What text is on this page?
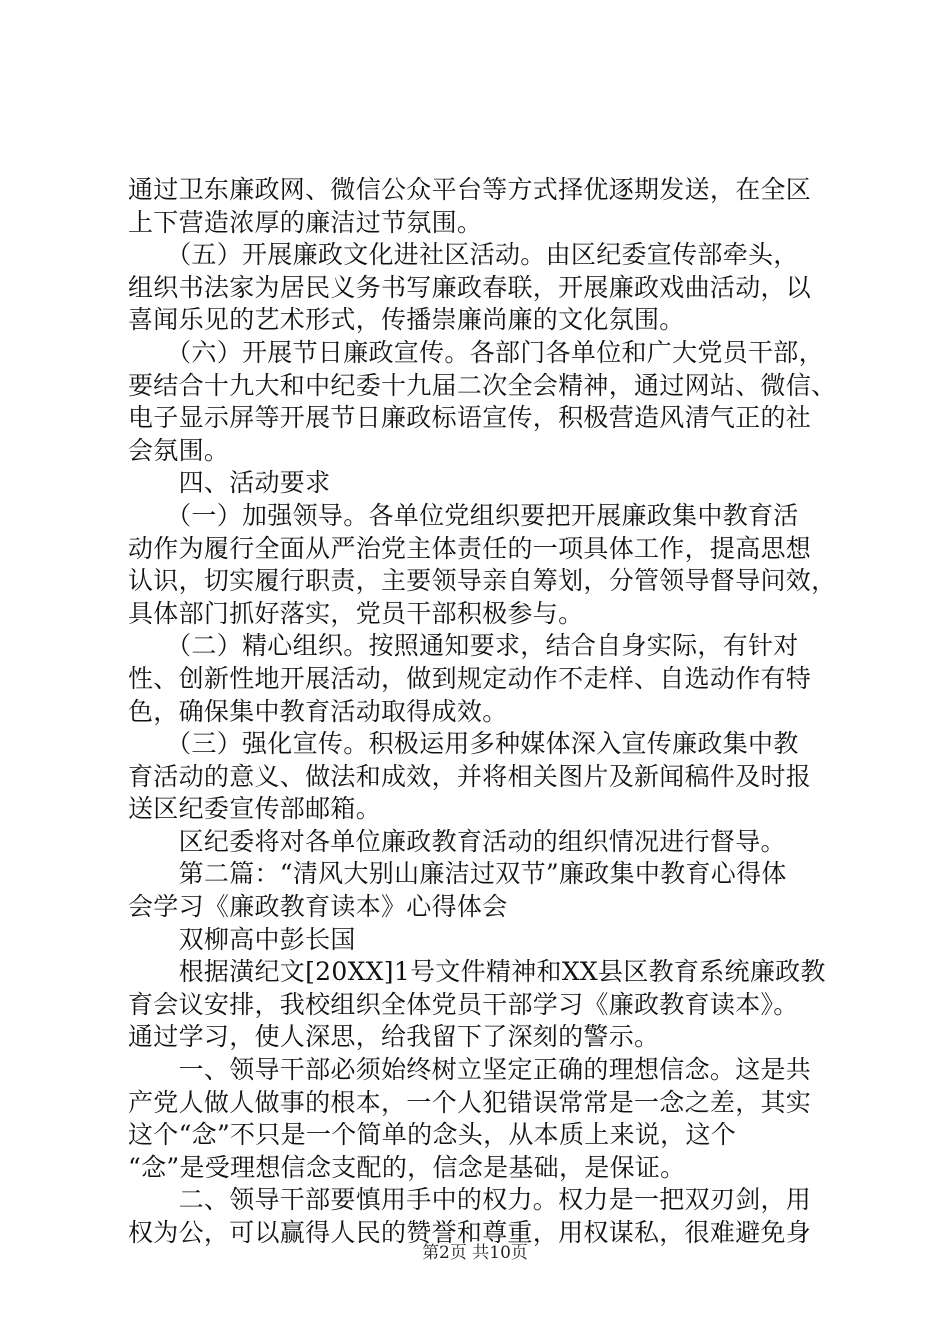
通过卫东廉政网、微信公众平台等方式择优逐期发送，在全区
上下营造浓厚的廉洁过节氛围。
　　（五）开展廉政文化进社区活动。由区纪委宣传部牵头，
组织书法家为居民义务书写廉政春联，开展廉政戏曲活动，以
喜闻乐见的艺术形式，传播崇廉尚廉的文化氛围。
　　（六）开展节日廉政宣传。各部门各单位和广大党员干部，
要结合十九大和中纪委十九届二次全会精神，通过网站、微信、
电子显示屏等开展节日廉政标语宣传，积极营造风清气正的社
会氛围。
　　四、活动要求
　　（一）加强领导。各单位党组织要把开展廉政集中教育活
动作为履行全面从严治党主体责任的一项具体工作，提高思想
认识，切实履行职责，主要领导亲自筹划，分管领导督导问效，
具体部门抓好落实，党员干部积极参与。
　　（二）精心组织。按照通知要求，结合自身实际，有针对
性、创新性地开展活动，做到规定动作不走样、自选动作有特
色，确保集中教育活动取得成效。
　　（三）强化宣传。积极运用多种媒体深入宣传廉政集中教
育活动的意义、做法和成效，并将相关图片及新闻稿件及时报
送区纪委宣传部邮箱。
　　区纪委将对各单位廉政教育活动的组织情况进行督导。
　　第二篇：“清风大别山廉洁过双节”廉政集中教育心得体
会学习《廉政教育读本》心得体会
　　双柳高中彭长国
　　根据潢纪文[20XX]1号文件精神和XX县区教育系统廉政教
育会议安排，我校组织全体党员干部学习《廉政教育读本》。
通过学习，使人深思，给我留下了深刻的警示。
　　一、领导干部必须始终树立坚定正确的理想信念。这是共
产党人做人做事的根本，一个人犯错误常常是一念之差，其实
这个“念”不只是一个简单的念头，从本质上来说，这个
“念”是受理想信念支配的，信念是基础，是保证。
　　二、领导干部要慎用手中的权力。权力是一把双刃剑，用
权为公，可以赢得人民的赞誉和尊重，用权谋私，很难避免身
第2页 共10页
